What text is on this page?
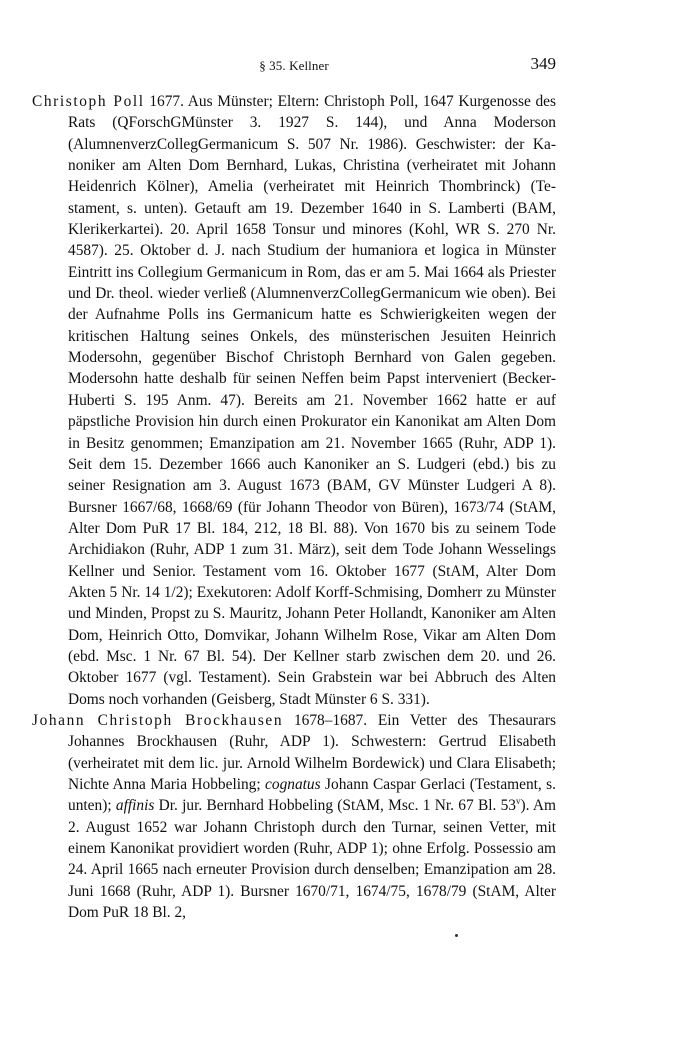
§ 35. Kellner	349

Christoph Poll 1677. Aus Münster; Eltern: Christoph Poll, 1647 Kurgenosse des Rats (QForschGMünster 3. 1927 S. 144), und Anna Moderson (AlumnenverzCollegGermanicum S. 507 Nr. 1986). Geschwister: der Kanoniker am Alten Dom Bernhard, Lukas, Christina (verheiratet mit Johann Heidenrich Kölner), Amelia (verheiratet mit Heinrich Thombrinck) (Testament, s. unten). Getauft am 19. Dezember 1640 in S. Lamberti (BAM, Klerikerkartei). 20. April 1658 Tonsur und minores (Kohl, WR S. 270 Nr. 4587). 25. Oktober d. J. nach Studium der humaniora et logica in Münster Eintritt ins Collegium Germanicum in Rom, das er am 5. Mai 1664 als Priester und Dr. theol. wieder verließ (AlumnenverzCollegGermanicum wie oben). Bei der Aufnahme Polls ins Germanicum hatte es Schwierigkeiten wegen der kritischen Haltung seines Onkels, des münsterischen Jesuiten Heinrich Modersohn, gegenüber Bischof Christoph Bernhard von Galen gegeben. Modersohn hatte deshalb für seinen Neffen beim Papst interveniert (Becker-Huberti S. 195 Anm. 47). Bereits am 21. November 1662 hatte er auf päpstliche Provision hin durch einen Prokurator ein Kanonikat am Alten Dom in Besitz genommen; Emanzipation am 21. November 1665 (Ruhr, ADP 1). Seit dem 15. Dezember 1666 auch Kanoniker an S. Ludgeri (ebd.) bis zu seiner Resignation am 3. August 1673 (BAM, GV Münster Ludgeri A 8). Bursner 1667/68, 1668/69 (für Johann Theodor von Büren), 1673/74 (StAM, Alter Dom PuR 17 Bl. 184, 212, 18 Bl. 88). Von 1670 bis zu seinem Tode Archidiakon (Ruhr, ADP 1 zum 31. März), seit dem Tode Johann Wesselings Kellner und Senior. Testament vom 16. Oktober 1677 (StAM, Alter Dom Akten 5 Nr. 14 1/2); Exekutoren: Adolf Korff-Schmising, Domherr zu Münster und Minden, Propst zu S. Mauritz, Johann Peter Hollandt, Kanoniker am Alten Dom, Heinrich Otto, Domvikar, Johann Wilhelm Rose, Vikar am Alten Dom (ebd. Msc. 1 Nr. 67 Bl. 54). Der Kellner starb zwischen dem 20. und 26. Oktober 1677 (vgl. Testament). Sein Grabstein war bei Abbruch des Alten Doms noch vorhanden (Geisberg, Stadt Münster 6 S. 331).

Johann Christoph Brockhausen 1678–1687. Ein Vetter des Thesaurars Johannes Brockhausen (Ruhr, ADP 1). Schwestern: Gertrud Elisabeth (verheiratet mit dem lic. jur. Arnold Wilhelm Bordewick) und Clara Elisabeth; Nichte Anna Maria Hobbeling; cognatus Johann Caspar Gerlaci (Testament, s. unten); affinis Dr. jur. Bernhard Hobbeling (StAM, Msc. 1 Nr. 67 Bl. 53$^v$). Am 2. August 1652 war Johann Christoph durch den Turnar, seinen Vetter, mit einem Kanonikat providiert worden (Ruhr, ADP 1); ohne Erfolg. Possessio am 24. April 1665 nach erneuter Provision durch denselben; Emanzipation am 28. Juni 1668 (Ruhr, ADP 1). Bursner 1670/71, 1674/75, 1678/79 (StAM, Alter Dom PuR 18 Bl. 2,
